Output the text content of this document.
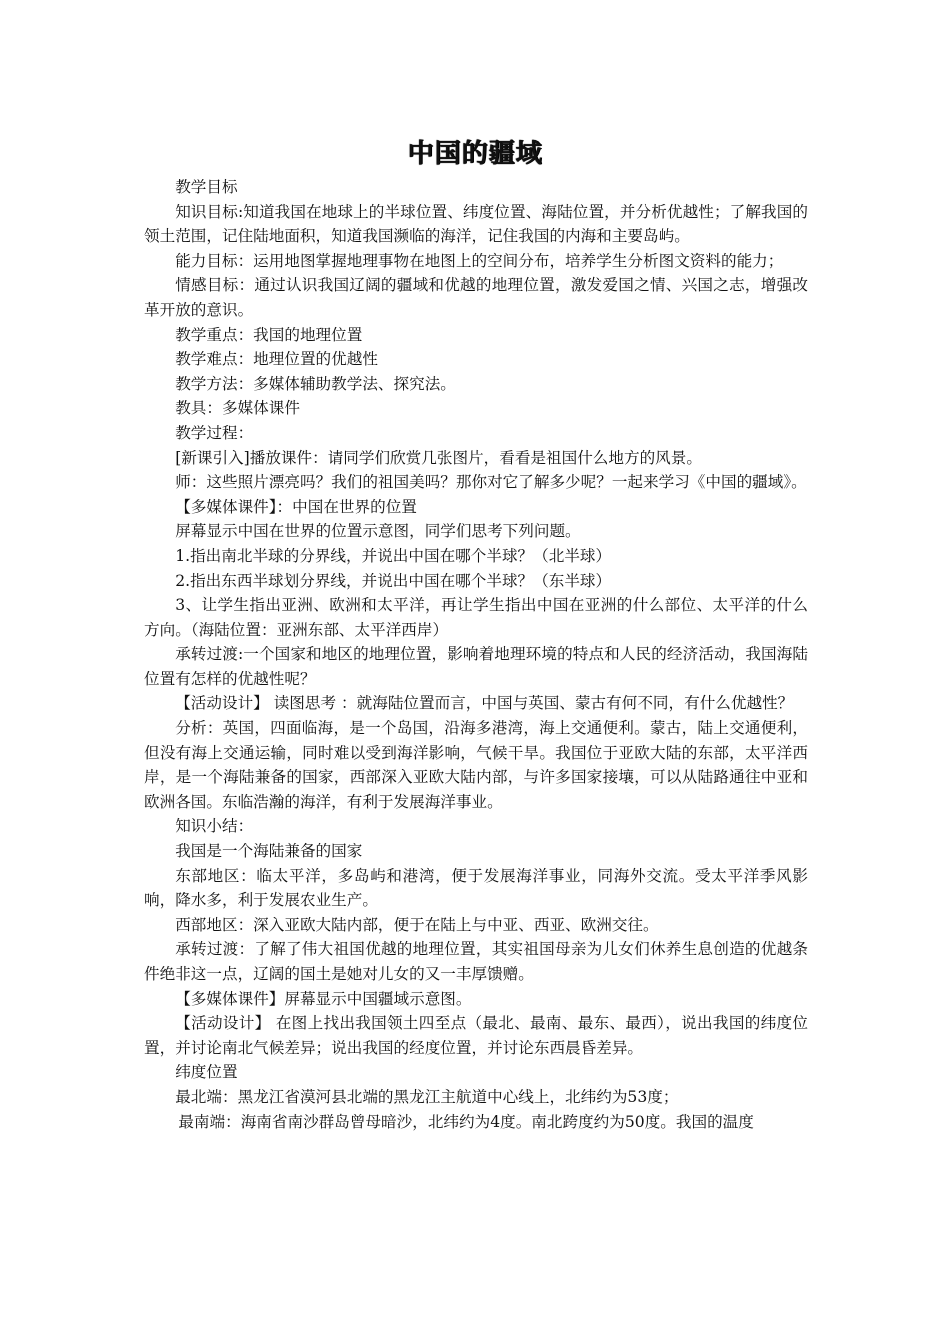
中国的疆域

教学目标

知识目标:知道我国在地球上的半球位置、纬度位置、海陆位置，并分析优越性；了解我国的领土范围，记住陆地面积，知道我国濒临的海洋，记住我国的内海和主要岛屿。

能力目标：运用地图掌握地理事物在地图上的空间分布，培养学生分析图文资料的能力；

情感目标：通过认识我国辽阔的疆域和优越的地理位置，激发爱国之情、兴国之志，增强改革开放的意识。

教学重点：我国的地理位置

教学难点：地理位置的优越性

教学方法：多媒体辅助教学法、探究法。

教具：多媒体课件

教学过程：

[新课引入]播放课件：请同学们欣赏几张图片，看看是祖国什么地方的风景。

师：这些照片漂亮吗？我们的祖国美吗？那你对它了解多少呢？一起来学习《中国的疆域》。

【多媒体课件】：中国在世界的位置

屏幕显示中国在世界的位置示意图，同学们思考下列问题。

1.指出南北半球的分界线，并说出中国在哪个半球？（北半球）

2.指出东西半球划分界线，并说出中国在哪个半球？（东半球）

3、让学生指出亚洲、欧洲和太平洋，再让学生指出中国在亚洲的什么部位、太平洋的什么方向。（海陆位置：亚洲东部、太平洋西岸）

承转过渡:一个国家和地区的地理位置，影响着地理环境的特点和人民的经济活动，我国海陆位置有怎样的优越性呢？

【活动设计】 读图思考 ：就海陆位置而言，中国与英国、蒙古有何不同，有什么优越性？

分析：英国，四面临海，是一个岛国，沿海多港湾，海上交通便利。蒙古，陆上交通便利，但没有海上交通运输，同时难以受到海洋影响，气候干旱。我国位于亚欧大陆的东部，太平洋西岸，是一个海陆兼备的国家，西部深入亚欧大陆内部，与许多国家接壤，可以从陆路通往中亚和欧洲各国。东临浩瀚的海洋，有利于发展海洋事业。

知识小结：

我国是一个海陆兼备的国家

东部地区：临太平洋，多岛屿和港湾，便于发展海洋事业，同海外交流。受太平洋季风影响，降水多，利于发展农业生产。

西部地区：深入亚欧大陆内部，便于在陆上与中亚、西亚、欧洲交往。

承转过渡：了解了伟大祖国优越的地理位置，其实祖国母亲为儿女们休养生息创造的优越条件绝非这一点，辽阔的国土是她对儿女的又一丰厚馈赠。

【多媒体课件】屏幕显示中国疆域示意图。

【活动设计】 在图上找出我国领土四至点（最北、最南、最东、最西），说出我国的纬度位置，并讨论南北气候差异；说出我国的经度位置，并讨论东西晨昏差异。

纬度位置

最北端：黑龙江省漠河县北端的黑龙江主航道中心线上，北纬约为53度；

最南端：海南省南沙群岛曾母暗沙，北纬约为4度。南北跨度约为50度。我国的温度
